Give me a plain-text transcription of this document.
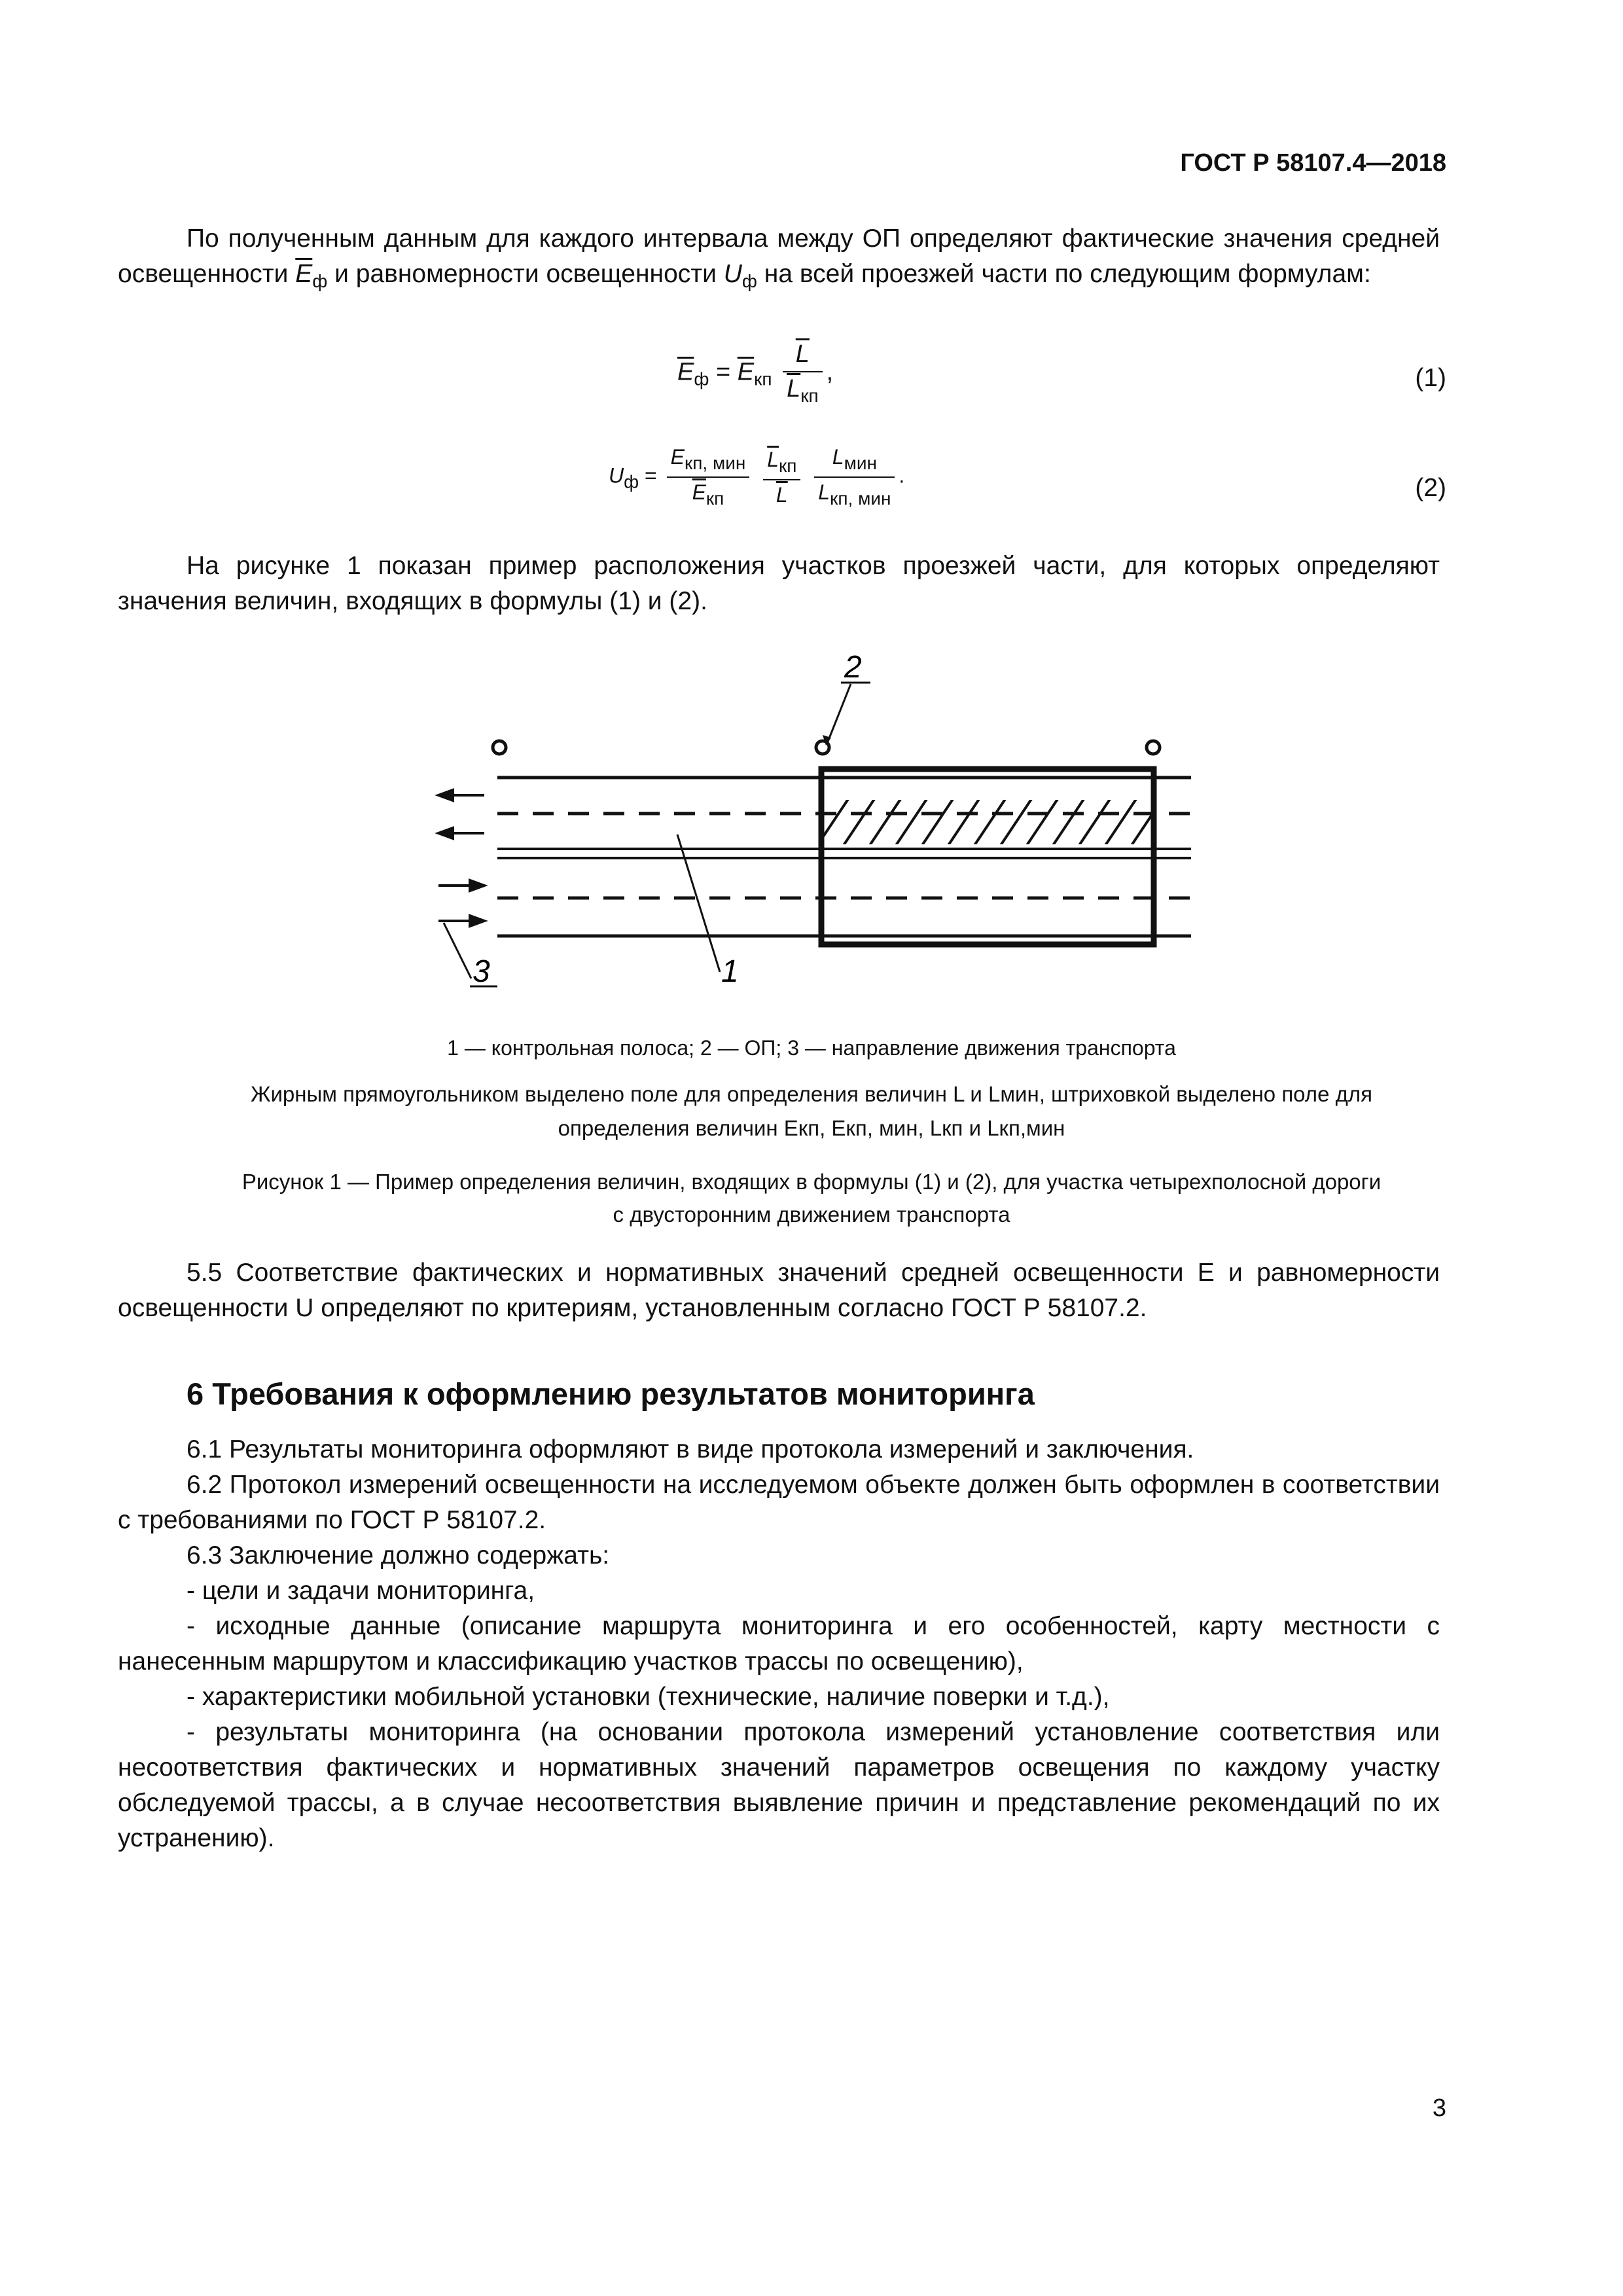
ГОСТ Р 58107.4—2018

По полученным данным для каждого интервала между ОП определяют фактические значения средней освещенности $\overline{E}_ф$ и равномерности освещенности $U_ф$ на всей проезжей части по следующим формулам:

$\overline{E}_ф = \overline{E}_{кп} \frac{\overline{L}}{\overline{L}_{кп}}$ ,	(1)
Uф = $\frac{\text{Eкп, мин}}{\overline{E}кп}$
$\frac{\overline{L}кп}{L}$
$\frac{\text{Lмин}}{\text{Lкп, мин}}$ .	(2)

На рисунке 1 показан пример расположения участков проезжей части, для которых определяют значения величин, входящих в формулы (1) и (2).

2
1
3
1 — контрольная полоса; 2 — ОП; 3 — направление движения транспорта
Жирным прямоугольником выделено поле для определения величин L и Lмин, штриховкой выделено поле для
определения величин Eкп, Eкп, мин, Lкп и Lкп,мин
Рисунок 1 — Пример определения величин, входящих в формулы (1) и (2), для участка четырехполосной дороги
с двусторонним движением транспорта

5.5 Соответствие фактических и нормативных значений средней освещенности E и равномерности освещенности U определяют по критериям, установленным согласно ГОСТ Р 58107.2.

6 Требования к оформлению результатов мониторинга

6.1 Результаты мониторинга оформляют в виде протокола измерений и заключения.

6.2 Протокол измерений освещенности на исследуемом объекте должен быть оформлен в соответствии с требованиями по ГОСТ Р 58107.2.

6.3 Заключение должно содержать:

- цели и задачи мониторинга,

- исходные данные (описание маршрута мониторинга и его особенностей, карту местности с нанесенным маршрутом и классификацию участков трассы по освещению),

- характеристики мобильной установки (технические, наличие поверки и т.д.),

- результаты мониторинга (на основании протокола измерений установление соответствия или несоответствия фактических и нормативных значений параметров освещения по каждому участку обследуемой трассы, а в случае несоответствия выявление причин и представление рекомендаций по их устранению).

3
